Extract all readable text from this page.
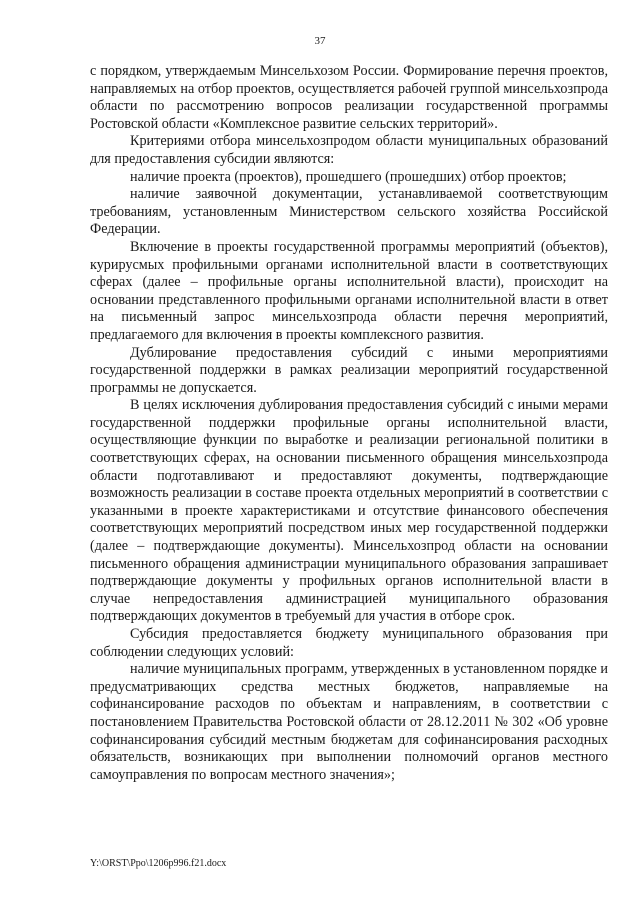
37

с порядком, утверждаемым Минсельхозом России. Формирование перечня проектов, направляемых на отбор проектов, осуществляется рабочей группой минсельхозпрода области по рассмотрению вопросов реализации государственной программы Ростовской области «Комплексное развитие сельских территорий».

Критериями отбора минсельхозпродом области муниципальных образований для предоставления субсидии являются:

наличие проекта (проектов), прошедшего (прошедших) отбор проектов;

наличие заявочной документации, устанавливаемой соответствующим требованиям, установленным Министерством сельского хозяйства Российской Федерации.

Включение в проекты государственной программы мероприятий (объектов), курирусмых профильными органами исполнительной власти в соответствующих сферах (далее – профильные органы исполнительной власти), происходит на основании представленного профильными органами исполнительной власти в ответ на письменный запрос минсельхозпрода области перечня мероприятий, предлагаемого для включения в проекты комплексного развития.

Дублирование предоставления субсидий с иными мероприятиями государственной поддержки в рамках реализации мероприятий государственной программы не допускается.

В целях исключения дублирования предоставления субсидий с иными мерами государственной поддержки профильные органы исполнительной власти, осуществляющие функции по выработке и реализации региональной политики в соответствующих сферах, на основании письменного обращения минсельхозпрода области подготавливают и предоставляют документы, подтверждающие возможность реализации в составе проекта отдельных мероприятий в соответствии с указанными в проекте характеристиками и отсутствие финансового обеспечения соответствующих мероприятий посредством иных мер государственной поддержки (далее – подтверждающие документы). Минсельхозпрод области на основании письменного обращения администрации муниципального образования запрашивает подтверждающие документы у профильных органов исполнительной власти в случае непредоставления администрацией муниципального образования подтверждающих документов в требуемый для участия в отборе срок.

Субсидия предоставляется бюджету муниципального образования при соблюдении следующих условий:

наличие муниципальных программ, утвержденных в установленном порядке и предусматривающих средства местных бюджетов, направляемые на софинансирование расходов по объектам и направлениям, в соответствии с постановлением Правительства Ростовской области от 28.12.2011 № 302 «Об уровне софинансирования субсидий местным бюджетам для софинансирования расходных обязательств, возникающих при выполнении полномочий органов местного самоуправления по вопросам местного значения»;

Y:\ORST\Ppo\1206p996.f21.docx
